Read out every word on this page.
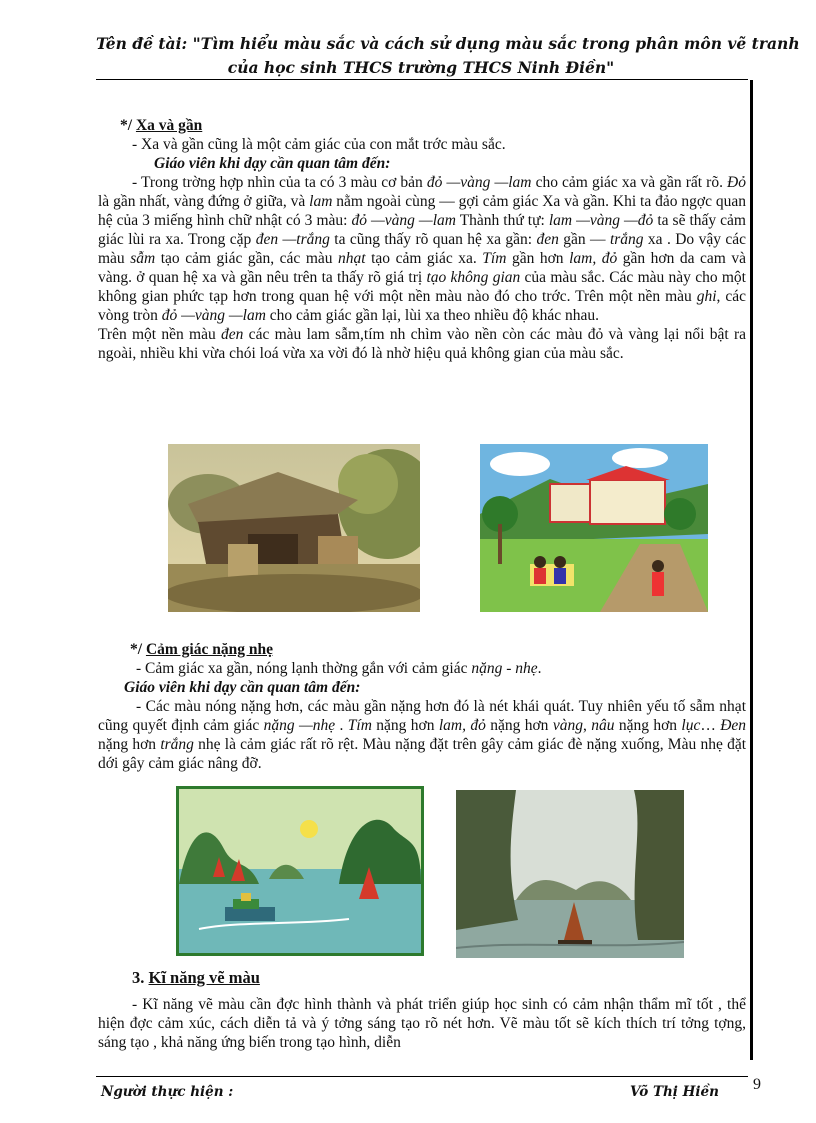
Tên đề tài: "Tìm hiểu màu sắc và cách sử dụng màu sắc trong phân môn vẽ tranh
của học sinh THCS trường THCS Ninh Điền"

*/ Xa và gần

- Xa và gần cũng là một cảm giác của con mắt trớc màu sắc.

Giáo viên khi dạy cần quan tâm đến:

- Trong trờng hợp nhìn của ta có 3 màu cơ bản đỏ —vàng —lam cho cảm giác xa và gần rất rõ. Đỏ là gần nhất, vàng đứng ở giữa, và lam nằm ngoài cùng — gợi cảm giác Xa và gần. Khi ta đảo ngợc quan hệ của 3 miếng hình chữ nhật có 3 màu: đỏ —vàng —lam Thành thứ tự: lam —vàng —đỏ ta sẽ thấy cảm giác lùi ra xa. Trong cặp đen —trắng ta cũng thấy rõ quan hệ xa gần: đen gần — trắng xa . Do vậy các màu sẫm tạo cảm giác gần, các màu nhạt tạo cảm giác xa. Tím gần hơn lam, đỏ gần hơn da cam và vàng. ở quan hệ xa và gần nêu trên ta thấy rõ giá trị tạo không gian của màu sắc. Các màu này cho một không gian phức tạp hơn trong quan hệ với một nền màu nào đó cho trớc. Trên một nền màu ghi, các vòng tròn đỏ —vàng —lam cho cảm giác gần lại, lùi xa theo nhiều độ khác nhau.

Trên một nền màu đen các màu lam sẫm,tím nh chìm vào nền còn các màu đỏ và vàng lại nổi bật ra ngoài, nhiều khi vừa chói loá vừa xa vời đó là nhờ hiệu quả không gian của màu sắc.

*/ Cảm giác nặng nhẹ

- Cảm giác xa gần, nóng lạnh thờng gắn với cảm giác nặng - nhẹ.

Giáo viên khi dạy cần quan tâm đến:

- Các màu nóng nặng hơn, các màu gần nặng hơn đó là nét khái quát. Tuy nhiên yếu tố sẫm nhạt cũng quyết định cảm giác nặng —nhẹ . Tím nặng hơn lam, đỏ nặng hơn vàng, nâu nặng hơn lục… Đen nặng hơn trắng nhẹ là cảm giác rất rõ rệt. Màu nặng đặt trên gây cảm giác đè nặng xuống, Màu nhẹ đặt dới gây cảm giác nâng đỡ.

3. Kĩ năng vẽ màu

- Kĩ năng vẽ màu cần đợc hình thành và phát triển giúp học sinh có cảm nhận thẩm mĩ tốt , thể hiện đợc cảm xúc, cách diễn tả và ý tởng sáng tạo rõ nét hơn. Vẽ màu tốt sẽ kích thích trí tởng tợng, sáng tạo , khả năng ứng biến trong tạo hình, diễn

Người thực hiện :	Võ Thị Hiền 9
